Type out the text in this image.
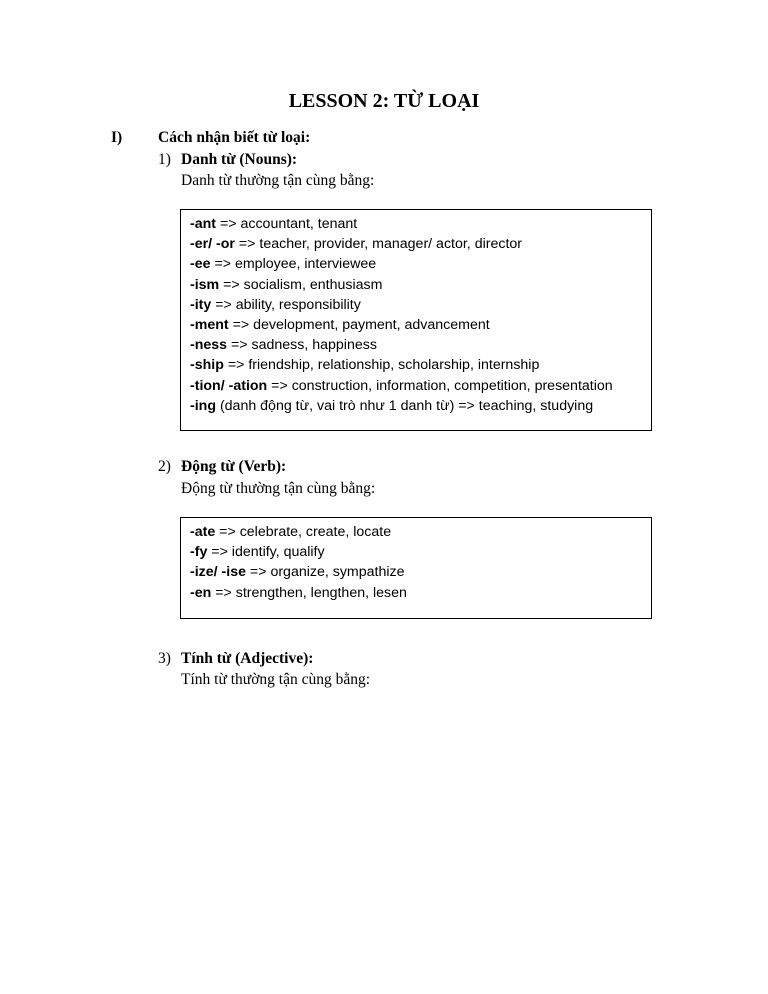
LESSON 2: TỪ LOẠI
I) Cách nhận biết từ loại:
1) Danh từ (Nouns):
Danh từ thường tận cùng bằng:
-ant => accountant, tenant
-er/ -or => teacher, provider, manager/ actor, director
-ee => employee, interviewee
-ism => socialism, enthusiasm
-ity => ability, responsibility
-ment => development, payment, advancement
-ness => sadness, happiness
-ship => friendship, relationship, scholarship, internship
-tion/ -ation => construction, information, competition, presentation
-ing (danh động từ, vai trò như 1 danh từ) => teaching, studying
2) Động từ (Verb):
Động từ thường tận cùng bằng:
-ate => celebrate, create, locate
-fy => identify, qualify
-ize/ -ise => organize, sympathize
-en => strengthen, lengthen, lesen
3) Tính từ (Adjective):
Tính từ thường tận cùng bằng:
